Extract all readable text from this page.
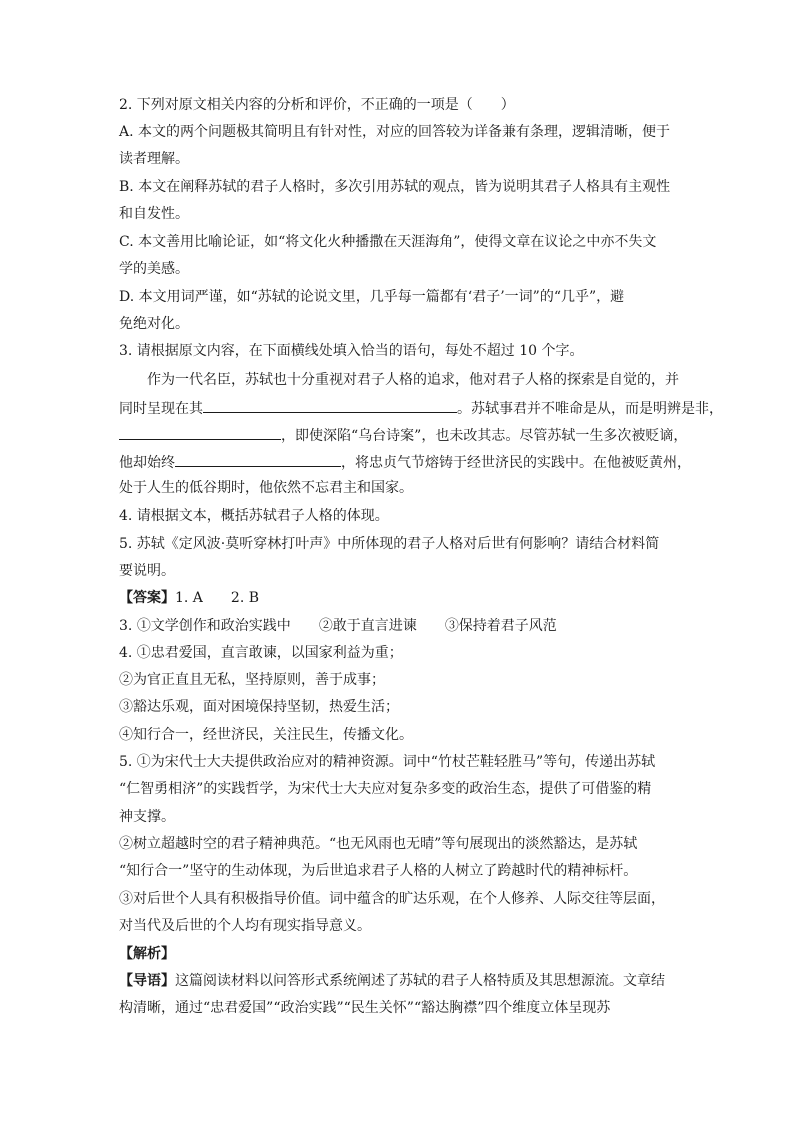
2. 下列对原文相关内容的分析和评价，不正确的一项是（　　）
A. 本文的两个问题极其简明且有针对性，对应的回答较为详备兼有条理，逻辑清晰，便于
读者理解。
B. 本文在阐释苏轼的君子人格时，多次引用苏轼的观点，皆为说明其君子人格具有主观性
和自发性。
C. 本文善用比喻论证，如“将文化火种播撒在天涯海角”，使得文章在议论之中亦不失文
学的美感。
D. 本文用词严谨，如“苏轼的论说文里，几乎每一篇都有‘君子’一词”的“几乎”，避
免绝对化。
3. 请根据原文内容，在下面横线处填入恰当的语句，每处不超过 10 个字。
作为一代名臣，苏轼也十分重视对君子人格的追求，他对君子人格的探索是自觉的，并
同时呈现在其	。苏轼事君并不唯命是从，而是明辨是非，
，即使深陷“乌台诗案”，也未改其志。尽管苏轼一生多次被贬谪，
他却始终	，将忠贞气节熔铸于经世济民的实践中。在他被贬黄州，
处于人生的低谷期时，他依然不忘君主和国家。
4. 请根据文本，概括苏轼君子人格的体现。
5. 苏轼《定风波·莫听穿林打叶声》中所体现的君子人格对后世有何影响？请结合材料简
要说明。
【答案】1. A 2. B
3. ①文学创作和政治实践中 ②敢于直言进谏 ③保持着君子风范
4. ①忠君爱国，直言敢谏，以国家利益为重；
②为官正直且无私，坚持原则，善于成事；
③豁达乐观，面对困境保持坚韧，热爱生活；
④知行合一，经世济民，关注民生，传播文化。
5. ①为宋代士大夫提供政治应对的精神资源。词中“竹杖芒鞋轻胜马”等句，传递出苏轼
“仁智勇相济”的实践哲学，为宋代士大夫应对复杂多变的政治生态，提供了可借鉴的精
神支撑。
②树立超越时空的君子精神典范。“也无风雨也无晴”等句展现出的淡然豁达，是苏轼
“知行合一”坚守的生动体现，为后世追求君子人格的人树立了跨越时代的精神标杆。
③对后世个人具有积极指导价值。词中蕴含的旷达乐观，在个人修养、人际交往等层面，
对当代及后世的个人均有现实指导意义。
【解析】
【导语】这篇阅读材料以问答形式系统阐述了苏轼的君子人格特质及其思想源流。文章结
构清晰，通过“忠君爱国”“政治实践”“民生关怀”“豁达胸襟”四个维度立体呈现苏
